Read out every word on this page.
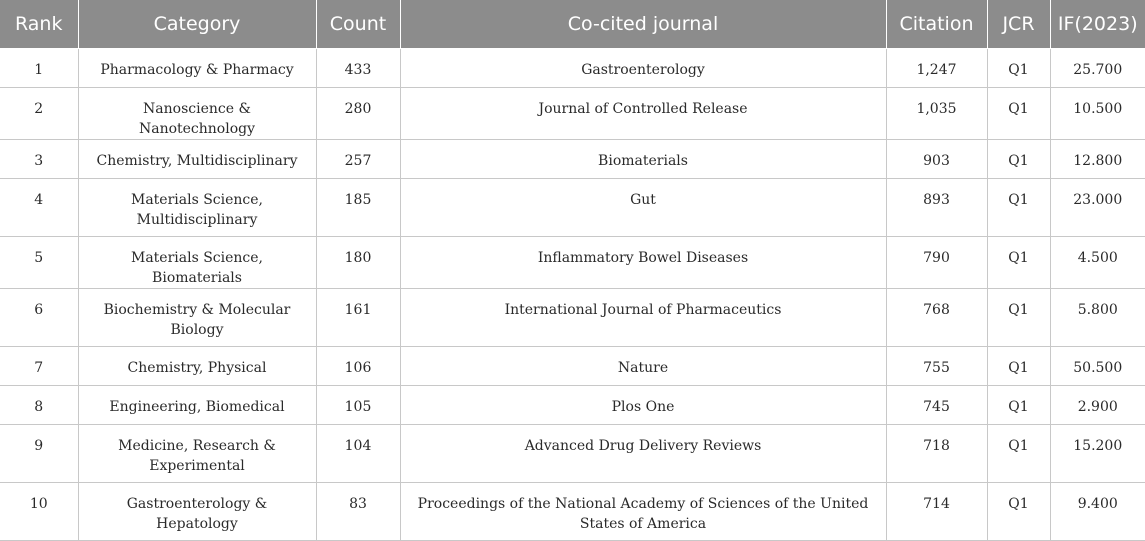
Rank	Category	Count	Co-cited journal	Citation	JCR	IF(2023)
1	Pharmacology & Pharmacy	433	Gastroenterology	1,247	Q1	25.700
2	Nanoscience & Nanotechnology	280	Journal of Controlled Release	1,035	Q1	10.500
3	Chemistry, Multidisciplinary	257	Biomaterials	903	Q1	12.800
4	Materials Science, Multidisciplinary	185	Gut	893	Q1	23.000
5	Materials Science, Biomaterials	180	Inflammatory Bowel Diseases	790	Q1	4.500
6	Biochemistry & Molecular Biology	161	International Journal of Pharmaceutics	768	Q1	5.800
7	Chemistry, Physical	106	Nature	755	Q1	50.500
8	Engineering, Biomedical	105	Plos One	745	Q1	2.900
9	Medicine, Research & Experimental	104	Advanced Drug Delivery Reviews	718	Q1	15.200
10	Gastroenterology & Hepatology	83	Proceedings of the National Academy of Sciences of the United States of America	714	Q1	9.400
